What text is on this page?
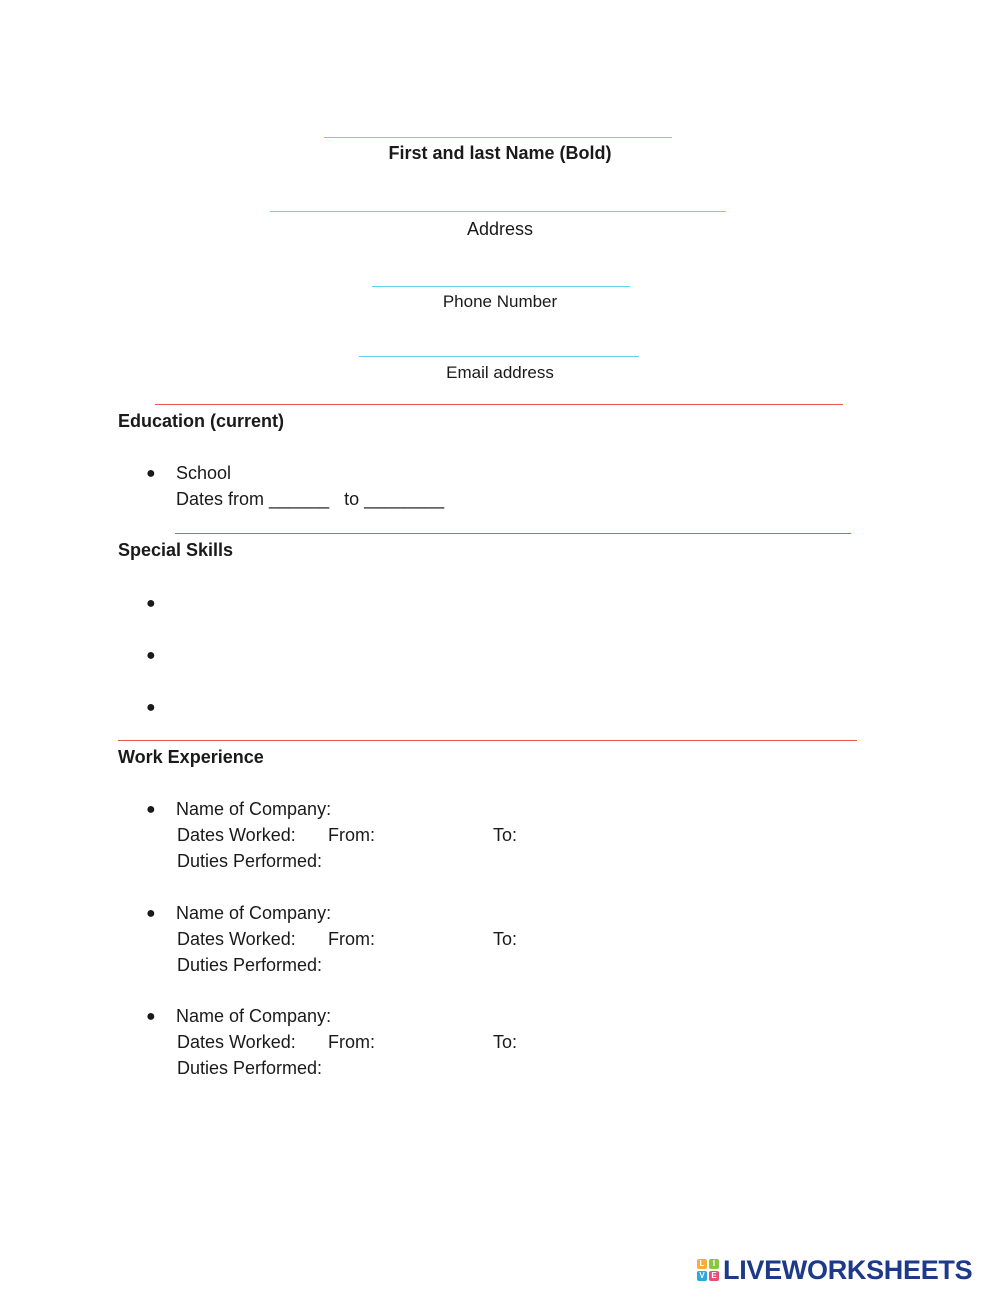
First and last Name (Bold)
Address
Phone Number
Email address
Education (current)
● School
Dates from ______   to ________
Special Skills
●
●
●
Work Experience
● Name of Company:
Dates Worked: From:	To:
Duties Performed:
● Name of Company:
Dates Worked: From:	To:
Duties Performed:
● Name of Company:
Dates Worked: From:	To:
Duties Performed:
L	I
V E LIVEWORKSHEETS
